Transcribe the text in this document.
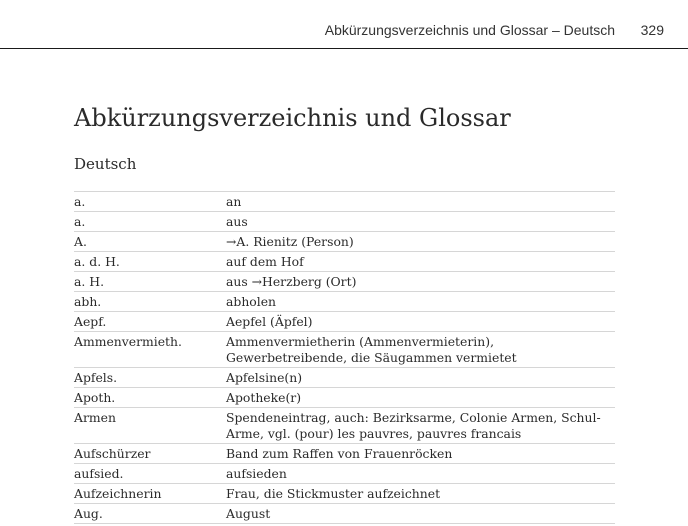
Abkürzungsverzeichnis und Glossar – Deutsch 329
Abkürzungsverzeichnis und Glossar
Deutsch
a.	an
a.	aus
A.	→A. Rienitz (Person)
a. d. H.	auf dem Hof
a. H.	aus →Herzberg (Ort)
abh.	abholen
Aepf.	Aepfel (Äpfel)
Ammenvermieth.	Ammenvermietherin (Ammenvermieterin), Gewerbetreibende, die Säugammen vermietet
Apfels.	Apfelsine(n)
Apoth.	Apotheke(r)
Armen	Spendeneintrag, auch: Bezirksarme, Colonie Armen, Schul-Arme, vgl. (pour) les pauvres, pauvres francais
Aufschürzer	Band zum Raffen von Frauenröcken
aufsied.	aufsieden
Aufzeichnerin	Frau, die Stickmuster aufzeichnet
Aug.	August
